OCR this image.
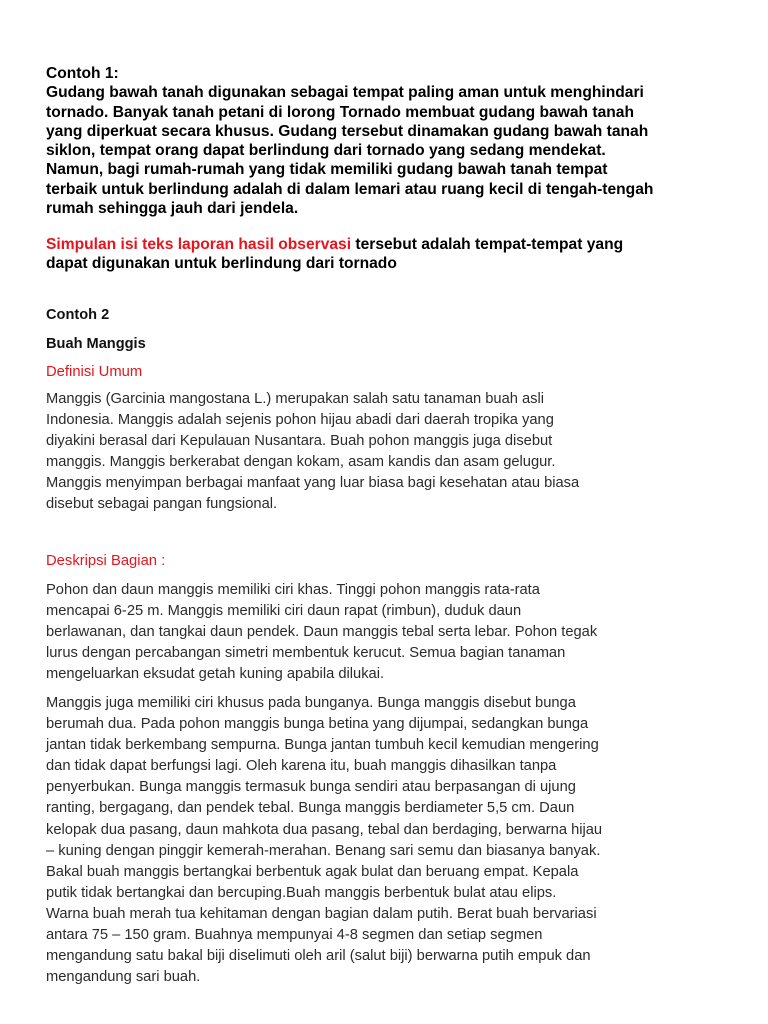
Contoh 1:
Gudang bawah tanah digunakan sebagai tempat paling aman untuk menghindari
tornado. Banyak tanah petani di lorong Tornado membuat gudang bawah tanah
yang diperkuat secara khusus. Gudang tersebut dinamakan gudang bawah tanah
siklon, tempat orang dapat berlindung dari tornado yang sedang mendekat.
Namun, bagi rumah-rumah yang tidak memiliki gudang bawah tanah tempat
terbaik untuk berlindung adalah di dalam lemari atau ruang kecil di tengah-tengah
rumah sehingga jauh dari jendela.
Simpulan isi teks laporan hasil observasi tersebut adalah tempat-tempat yang
dapat digunakan untuk berlindung dari tornado
Contoh 2
Buah Manggis
Definisi Umum
Manggis (Garcinia mangostana L.) merupakan salah satu tanaman buah asli
Indonesia. Manggis adalah sejenis pohon hijau abadi dari daerah tropika yang
diyakini berasal dari Kepulauan Nusantara. Buah pohon manggis juga disebut
manggis. Manggis berkerabat dengan kokam, asam kandis dan asam gelugur.
Manggis menyimpan berbagai manfaat yang luar biasa bagi kesehatan atau biasa
disebut sebagai pangan fungsional.
Deskripsi Bagian :
Pohon dan daun manggis memiliki ciri khas. Tinggi pohon manggis rata-rata
mencapai 6-25 m. Manggis memiliki ciri daun rapat (rimbun), duduk daun
berlawanan, dan tangkai daun pendek. Daun manggis tebal serta lebar. Pohon tegak
lurus dengan percabangan simetri membentuk kerucut. Semua bagian tanaman
mengeluarkan eksudat getah kuning apabila dilukai.
Manggis juga memiliki ciri khusus pada bunganya. Bunga manggis disebut bunga
berumah dua. Pada pohon manggis bunga betina yang dijumpai, sedangkan bunga
jantan tidak berkembang sempurna. Bunga jantan tumbuh kecil kemudian mengering
dan tidak dapat berfungsi lagi. Oleh karena itu, buah manggis dihasilkan tanpa
penyerbukan. Bunga manggis termasuk bunga sendiri atau berpasangan di ujung
ranting, bergagang, dan pendek tebal. Bunga manggis berdiameter 5,5 cm. Daun
kelopak dua pasang, daun mahkota dua pasang, tebal dan berdaging, berwarna hijau
– kuning dengan pinggir kemerah-merahan. Benang sari semu dan biasanya banyak.
Bakal buah manggis bertangkai berbentuk agak bulat dan beruang empat. Kepala
putik tidak bertangkai dan bercuping.Buah manggis berbentuk bulat atau elips.
Warna buah merah tua kehitaman dengan bagian dalam putih. Berat buah bervariasi
antara 75 – 150 gram. Buahnya mempunyai 4-8 segmen dan setiap segmen
mengandung satu bakal biji diselimuti oleh aril (salut biji) berwarna putih empuk dan
mengandung sari buah.
